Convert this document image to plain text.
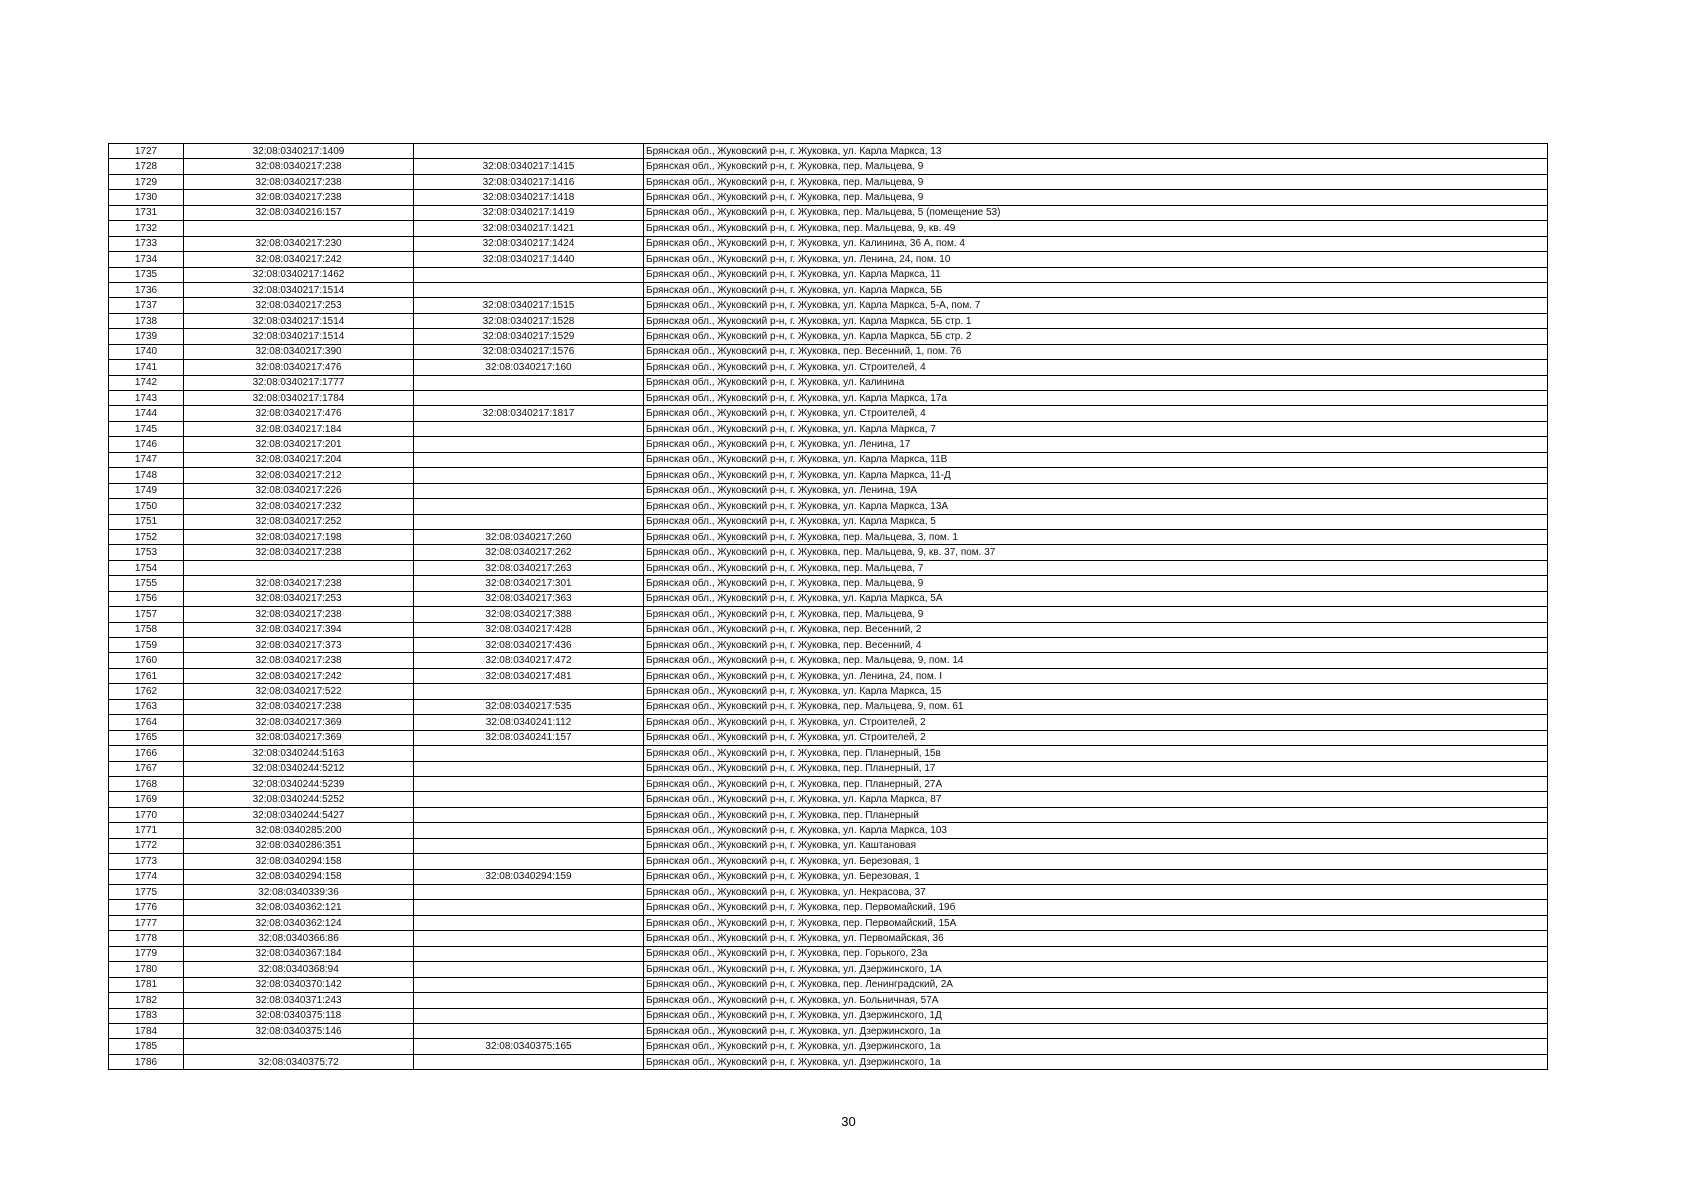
1727	32:08:0340217:1409		Брянская обл., Жуковский р-н, г. Жуковка, ул. Карла Маркса, 13
1728	32:08:0340217:238	32:08:0340217:1415	Брянская обл., Жуковский р-н, г. Жуковка, пер. Мальцева, 9
1729	32:08:0340217:238	32:08:0340217:1416	Брянская обл., Жуковский р-н, г. Жуковка, пер. Мальцева, 9
1730	32:08:0340217:238	32:08:0340217:1418	Брянская обл., Жуковский р-н, г. Жуковка, пер. Мальцева, 9
1731	32:08:0340216:157	32:08:0340217:1419	Брянская обл., Жуковский р-н, г. Жуковка, пер. Мальцева, 5 (помещение 53)
1732		32:08:0340217:1421	Брянская обл., Жуковский р-н, г. Жуковка, пер. Мальцева, 9, кв. 49
1733	32:08:0340217:230	32:08:0340217:1424	Брянская обл., Жуковский р-н, г. Жуковка, ул. Калинина, 36 А, пом. 4
1734	32:08:0340217:242	32:08:0340217:1440	Брянская обл., Жуковский р-н, г. Жуковка, ул. Ленина, 24, пом. 10
1735	32:08:0340217:1462		Брянская обл., Жуковский р-н, г. Жуковка, ул. Карла Маркса, 11
1736	32:08:0340217:1514		Брянская обл., Жуковский р-н, г. Жуковка, ул. Карла Маркса, 5Б
1737	32:08:0340217:253	32:08:0340217:1515	Брянская обл., Жуковский р-н, г. Жуковка, ул. Карла Маркса, 5-А, пом. 7
1738	32:08:0340217:1514	32:08:0340217:1528	Брянская обл., Жуковский р-н, г. Жуковка, ул. Карла Маркса, 5Б стр. 1
1739	32:08:0340217:1514	32:08:0340217:1529	Брянская обл., Жуковский р-н, г. Жуковка, ул. Карла Маркса, 5Б стр. 2
1740	32:08:0340217:390	32:08:0340217:1576	Брянская обл., Жуковский р-н, г. Жуковка, пер. Весенний, 1, пом. 76
1741	32:08:0340217:476	32:08:0340217:160	Брянская обл., Жуковский р-н, г. Жуковка, ул. Строителей, 4
1742	32:08:0340217:1777		Брянская обл., Жуковский р-н, г. Жуковка, ул. Калинина
1743	32:08:0340217:1784		Брянская обл., Жуковский р-н, г. Жуковка, ул. Карла Маркса, 17а
1744	32:08:0340217:476	32:08:0340217:1817	Брянская обл., Жуковский р-н, г. Жуковка, ул. Строителей, 4
1745	32:08:0340217:184		Брянская обл., Жуковский р-н, г. Жуковка, ул. Карла Маркса, 7
1746	32:08:0340217:201		Брянская обл., Жуковский р-н, г. Жуковка, ул. Ленина, 17
1747	32:08:0340217:204		Брянская обл., Жуковский р-н, г. Жуковка, ул. Карла Маркса, 11В
1748	32:08:0340217:212		Брянская обл., Жуковский р-н, г. Жуковка, ул. Карла Маркса, 11-Д
1749	32:08:0340217:226		Брянская обл., Жуковский р-н, г. Жуковка, ул. Ленина, 19А
1750	32:08:0340217:232		Брянская обл., Жуковский р-н, г. Жуковка, ул. Карла Маркса, 13А
1751	32:08:0340217:252		Брянская обл., Жуковский р-н, г. Жуковка, ул. Карла Маркса, 5
1752	32:08:0340217:198	32:08:0340217:260	Брянская обл., Жуковский р-н, г. Жуковка, пер. Мальцева, 3, пом. 1
1753	32:08:0340217:238	32:08:0340217:262	Брянская обл., Жуковский р-н, г. Жуковка, пер. Мальцева, 9, кв. 37, пом. 37
1754		32:08:0340217:263	Брянская обл., Жуковский р-н, г. Жуковка, пер. Мальцева, 7
1755	32:08:0340217:238	32:08:0340217:301	Брянская обл., Жуковский р-н, г. Жуковка, пер. Мальцева, 9
1756	32:08:0340217:253	32:08:0340217:363	Брянская обл., Жуковский р-н, г. Жуковка, ул. Карла Маркса, 5А
1757	32:08:0340217:238	32:08:0340217:388	Брянская обл., Жуковский р-н, г. Жуковка, пер. Мальцева, 9
1758	32:08:0340217:394	32:08:0340217:428	Брянская обл., Жуковский р-н, г. Жуковка, пер. Весенний, 2
1759	32:08:0340217:373	32:08:0340217:436	Брянская обл., Жуковский р-н, г. Жуковка, пер. Весенний, 4
1760	32:08:0340217:238	32:08:0340217:472	Брянская обл., Жуковский р-н, г. Жуковка, пер. Мальцева, 9, пом. 14
1761	32:08:0340217:242	32:08:0340217:481	Брянская обл., Жуковский р-н, г. Жуковка, ул. Ленина, 24, пом. I
1762	32:08:0340217:522		Брянская обл., Жуковский р-н, г. Жуковка, ул. Карла Маркса, 15
1763	32:08:0340217:238	32:08:0340217:535	Брянская обл., Жуковский р-н, г. Жуковка, пер. Мальцева, 9, пом. 61
1764	32:08:0340217:369	32:08:0340241:112	Брянская обл., Жуковский р-н, г. Жуковка, ул. Строителей, 2
1765	32:08:0340217:369	32:08:0340241:157	Брянская обл., Жуковский р-н, г. Жуковка, ул. Строителей, 2
1766	32:08:0340244:5163		Брянская обл., Жуковский р-н, г. Жуковка, пер. Планерный, 15в
1767	32:08:0340244:5212		Брянская обл., Жуковский р-н, г. Жуковка, пер. Планерный, 17
1768	32:08:0340244:5239		Брянская обл., Жуковский р-н, г. Жуковка, пер. Планерный, 27А
1769	32:08:0340244:5252		Брянская обл., Жуковский р-н, г. Жуковка, ул. Карла Маркса, 87
1770	32:08:0340244:5427		Брянская обл., Жуковский р-н, г. Жуковка, пер. Планерный
1771	32:08:0340285:200		Брянская обл., Жуковский р-н, г. Жуковка, ул. Карла Маркса, 103
1772	32:08:0340286:351		Брянская обл., Жуковский р-н, г. Жуковка, ул. Каштановая
1773	32:08:0340294:158		Брянская обл., Жуковский р-н, г. Жуковка, ул. Березовая, 1
1774	32:08:0340294:158	32:08:0340294:159	Брянская обл., Жуковский р-н, г. Жуковка, ул. Березовая, 1
1775	32:08:0340339:36		Брянская обл., Жуковский р-н, г. Жуковка, ул. Некрасова, 37
1776	32:08:0340362:121		Брянская обл., Жуковский р-н, г. Жуковка, пер. Первомайский, 19б
1777	32:08:0340362:124		Брянская обл., Жуковский р-н, г. Жуковка, пер. Первомайский, 15А
1778	32:08:0340366:86		Брянская обл., Жуковский р-н, г. Жуковка, ул. Первомайская, 36
1779	32:08:0340367:184		Брянская обл., Жуковский р-н, г. Жуковка, пер. Горького, 23а
1780	32:08:0340368:94		Брянская обл., Жуковский р-н, г. Жуковка, ул. Дзержинского, 1А
1781	32:08:0340370:142		Брянская обл., Жуковский р-н, г. Жуковка, пер. Ленинградский, 2А
1782	32:08:0340371:243		Брянская обл., Жуковский р-н, г. Жуковка, ул. Больничная, 57А
1783	32:08:0340375:118		Брянская обл., Жуковский р-н, г. Жуковка, ул. Дзержинского, 1Д
1784	32:08:0340375:146		Брянская обл., Жуковский р-н, г. Жуковка, ул. Дзержинского, 1а
1785		32:08:0340375:165	Брянская обл., Жуковский р-н, г. Жуковка, ул. Дзержинского, 1а
1786	32:08:0340375:72		Брянская обл., Жуковский р-н, г. Жуковка, ул. Дзержинского, 1а
30
